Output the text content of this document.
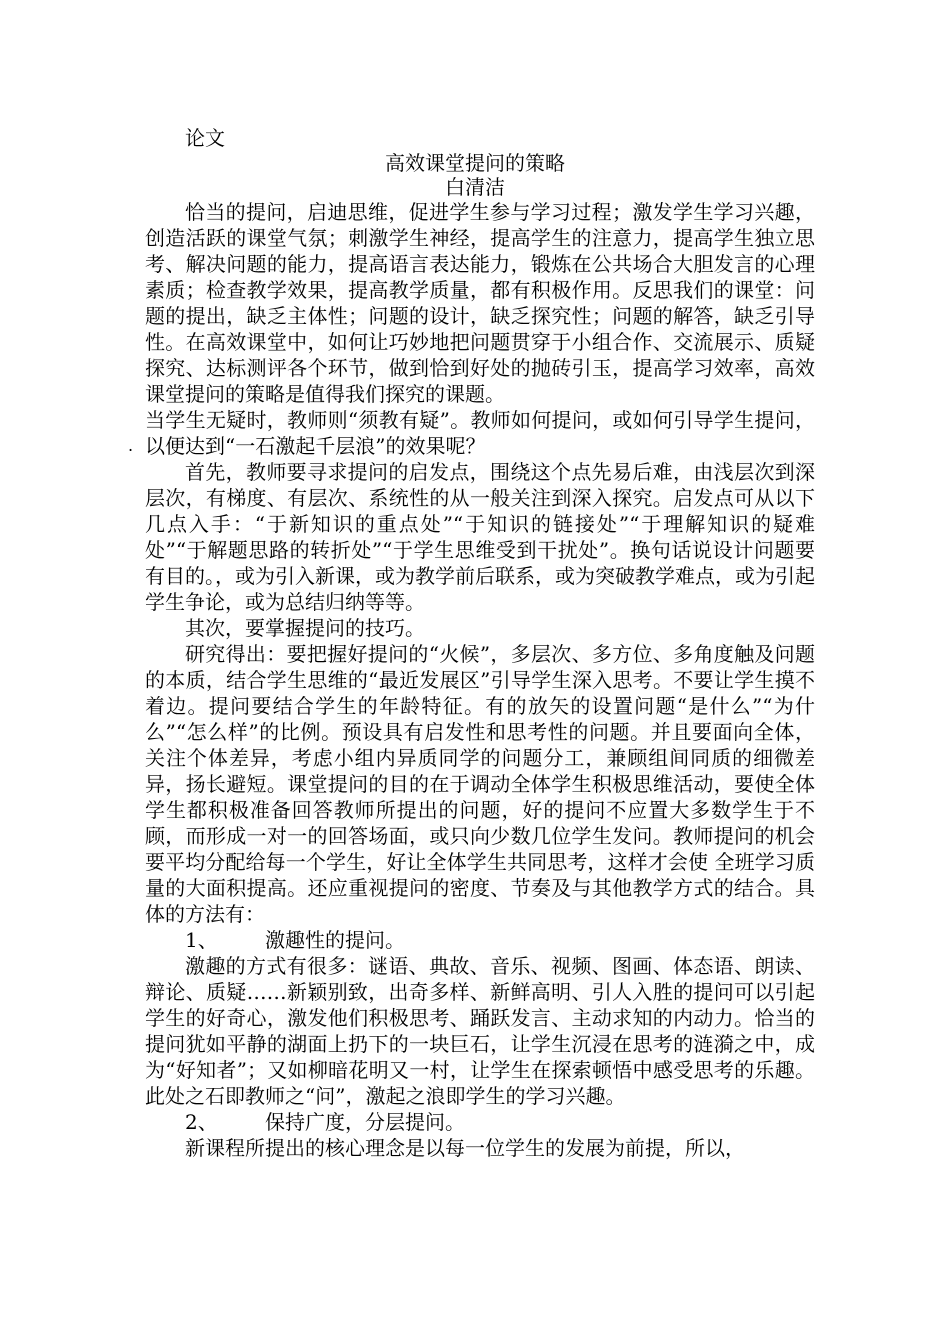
论文
高效课堂提问的策略
白清洁
.

恰当的提问，启迪思维，促进学生参与学习过程；激发学生学习兴趣，创造活跃的课堂气氛；刺激学生神经，提高学生的注意力，提高学生独立思考、解决问题的能力，提高语言表达能力，锻炼在公共场合大胆发言的心理素质；检查教学效果，提高教学质量，都有积极作用。反思我们的课堂：问题的提出，缺乏主体性；问题的设计，缺乏探究性；问题的解答，缺乏引导性。在高效课堂中，如何让巧妙地把问题贯穿于小组合作、交流展示、质疑探究、达标测评各个环节，做到恰到好处的抛砖引玉，提高学习效率，高效课堂提问的策略是值得我们探究的课题。

当学生无疑时，教师则“须教有疑”。教师如何提问，或如何引导学生提问，以便达到“一石激起千层浪”的效果呢？

首先，教师要寻求提问的启发点，围绕这个点先易后难，由浅层次到深层次，有梯度、有层次、系统性的从一般关注到深入探究。启发点可从以下几点入手：“于新知识的重点处”“于知识的链接处”“于理解知识的疑难处”“于解题思路的转折处”“于学生思维受到干扰处”。换句话说设计问题要有目的。，或为引入新课，或为教学前后联系，或为突破教学难点，或为引起学生争论，或为总结归纳等等。

其次，要掌握提问的技巧。

研究得出：要把握好提问的“火候”，多层次、多方位、多角度触及问题的本质，结合学生思维的“最近发展区”引导学生深入思考。不要让学生摸不着边。提问要结合学生的年龄特征。有的放矢的设置问题“是什么”“为什么”“怎么样”的比例。预设具有启发性和思考性的问题。并且要面向全体，关注个体差异，考虑小组内异质同学的问题分工，兼顾组间同质的细微差异，扬长避短。课堂提问的目的在于调动全体学生积极思维活动，要使全体学生都积极准备回答教师所提出的问题，好的提问不应置大多数学生于不顾，而形成一对一的回答场面，或只向少数几位学生发问。教师提问的机会要平均分配给每一个学生，好让全体学生共同思考，这样才会使 全班学习质量的大面积提高。还应重视提问的密度、节奏及与其他教学方式的结合。具体的方法有：

1、 激趣性的提问。

激趣的方式有很多：谜语、典故、音乐、视频、图画、体态语、朗读、辩论、质疑……新颖别致，出奇多样、新鲜高明、引人入胜的提问可以引起学生的好奇心，激发他们积极思考、踊跃发言、主动求知的内动力。恰当的提问犹如平静的湖面上扔下的一块巨石，让学生沉浸在思考的涟漪之中，成为“好知者”；又如柳暗花明又一村，让学生在探索顿悟中感受思考的乐趣。此处之石即教师之“问”，激起之浪即学生的学习兴趣。

2、 保持广度，分层提问。

新课程所提出的核心理念是以每一位学生的发展为前提，所以，
